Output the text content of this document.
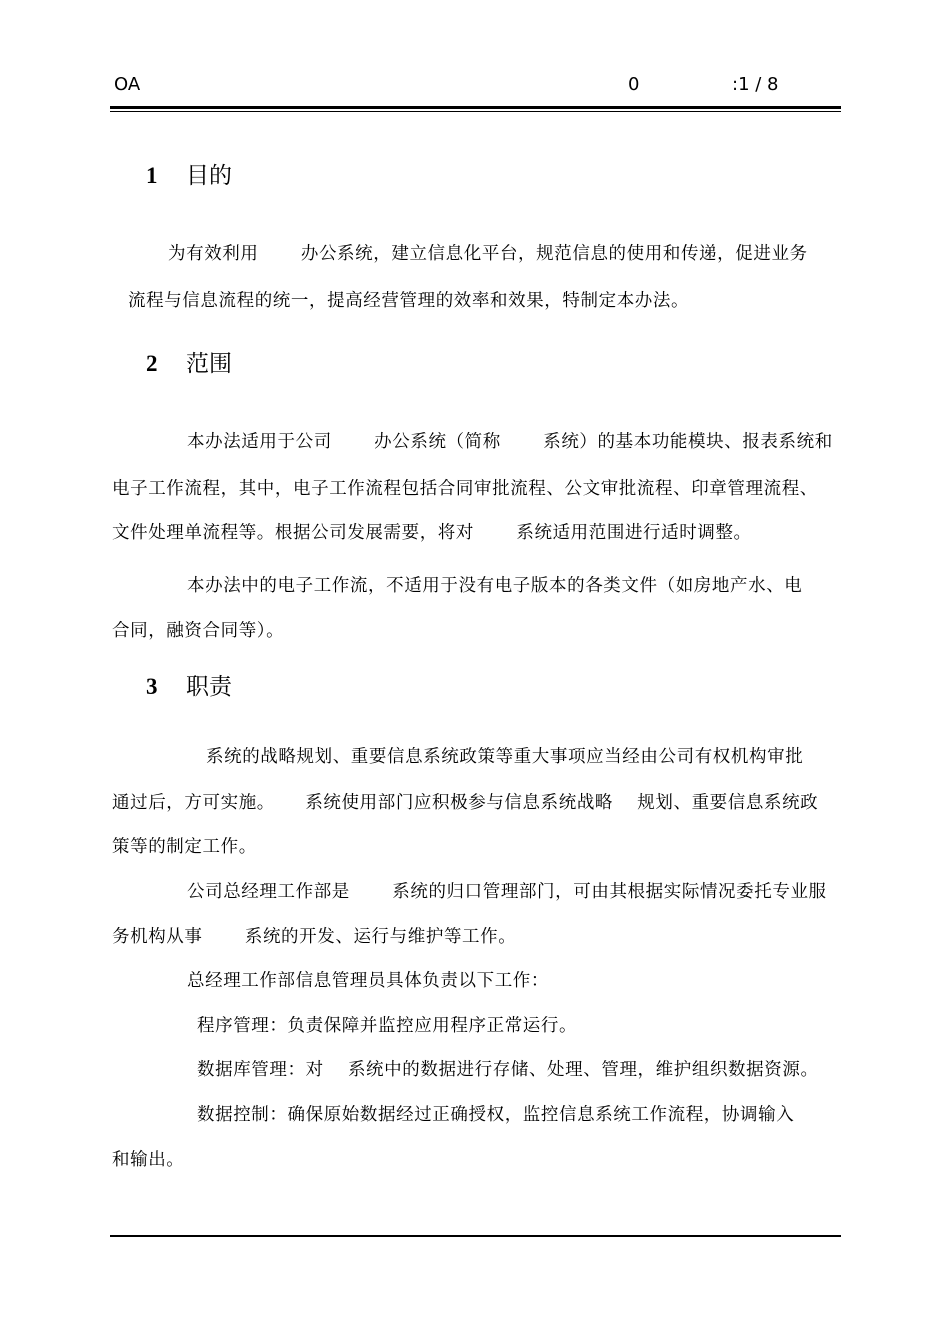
OA	0	:1 / 8
1 目的
为有效利用 　　办公系统，建立信息化平台，规范信息的使用和传递，促进业务
流程与信息流程的统一，提高经营管理的效率和效果，特制定本办法。
2 范围
本办法适用于公司 　　办公系统（简称 　　系统）的基本功能模块、报表系统和
电子工作流程，其中，电子工作流程包括合同审批流程、公文审批流程、印章管理流程、
文件处理单流程等。根据公司发展需要，将对 　　系统适用范围进行适时调整。
本办法中的电子工作流，不适用于没有电子版本的各类文件（如房地产水、电
合同，融资合同等）。
3 职责
系统的战略规划、重要信息系统政策等重大事项应当经由公司有权机构审批
通过后，方可实施。 　 系统使用部门应积极参与信息系统战略 　规划、重要信息系统政
策等的制定工作。
公司总经理工作部是 　　系统的归口管理部门，可由其根据实际情况委托专业服
务机构从事 　　系统的开发、运行与维护等工作。
总经理工作部信息管理员具体负责以下工作：
程序管理：负责保障并监控应用程序正常运行。
数据库管理：对 　系统中的数据进行存储、处理、管理，维护组织数据资源。
数据控制：确保原始数据经过正确授权，监控信息系统工作流程，协调输入
和输出。
